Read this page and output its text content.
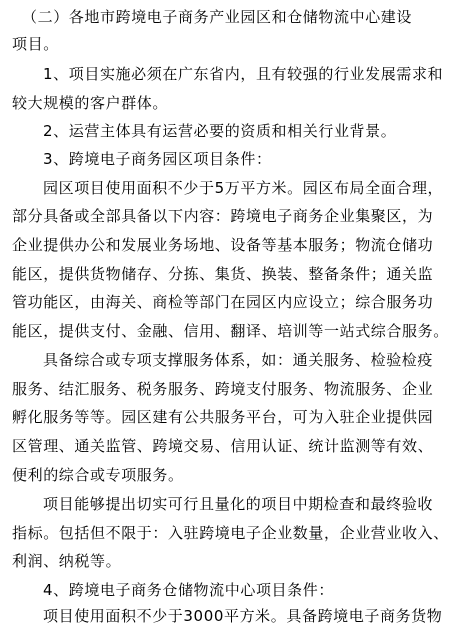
（二）各地市跨境电子商务产业园区和仓储物流中心建设
项目。
1、项目实施必须在广东省内，且有较强的行业发展需求和
较大规模的客户群体。
2、运营主体具有运营必要的资质和相关行业背景。
3、跨境电子商务园区项目条件：
园区项目使用面积不少于5万平方米。园区布局全面合理，
部分具备或全部具备以下内容：跨境电子商务企业集聚区，为
企业提供办公和发展业务场地、设备等基本服务；物流仓储功
能区，提供货物储存、分拣、集货、换装、整备条件；通关监
管功能区，由海关、商检等部门在园区内应设立；综合服务功
能区，提供支付、金融、信用、翻译、培训等一站式综合服务。
具备综合或专项支撑服务体系，如：通关服务、检验检疫
服务、结汇服务、税务服务、跨境支付服务、物流服务、企业
孵化服务等等。园区建有公共服务平台，可为入驻企业提供园
区管理、通关监管、跨境交易、信用认证、统计监测等有效、
便利的综合或专项服务。
项目能够提出切实可行且量化的项目中期检查和最终验收
指标。包括但不限于：入驻跨境电子企业数量，企业营业收入、
利润、纳税等。
4、跨境电子商务仓储物流中心项目条件：
项目使用面积不少于3000平方米。具备跨境电子商务货物
